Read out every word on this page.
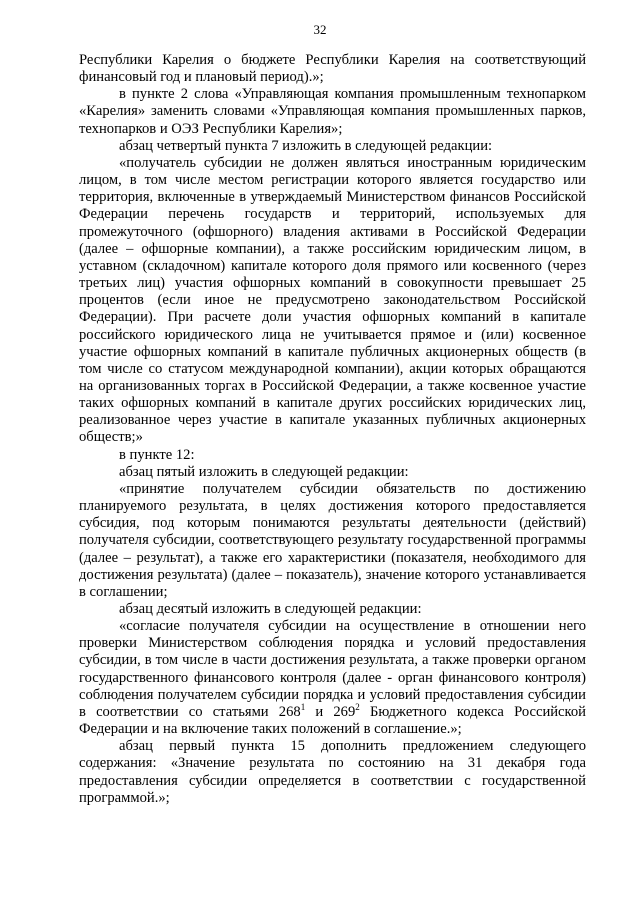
32

Республики Карелия о бюджете Республики Карелия на соответствующий финансовый год и плановый период).»;

в пункте 2 слова «Управляющая компания промышленным технопарком «Карелия» заменить словами «Управляющая компания промышленных парков, технопарков и ОЭЗ Республики Карелия»;

абзац четвертый пункта 7 изложить в следующей редакции:

«получатель субсидии не должен являться иностранным юридическим лицом, в том числе местом регистрации которого является государство или территория, включенные в утверждаемый Министерством финансов Российской Федерации перечень государств и территорий, используемых для промежуточного (офшорного) владения активами в Российской Федерации (далее – офшорные компании), а также российским юридическим лицом, в уставном (складочном) капитале которого доля прямого или косвенного (через третьих лиц) участия офшорных компаний в совокупности превышает 25 процентов (если иное не предусмотрено законодательством Российской Федерации). При расчете доли участия офшорных компаний в капитале российского юридического лица не учитывается прямое и (или) косвенное участие офшорных компаний в капитале публичных акционерных обществ (в том числе со статусом международной компании), акции которых обращаются на организованных торгах в Российской Федерации, а также косвенное участие таких офшорных компаний в капитале других российских юридических лиц, реализованное через участие в капитале указанных публичных акционерных обществ;»

в пункте 12:

абзац пятый изложить в следующей редакции:

«принятие получателем субсидии обязательств по достижению планируемого результата, в целях достижения которого предоставляется субсидия, под которым понимаются результаты деятельности (действий) получателя субсидии, соответствующего результату государственной программы (далее – результат), а также его характеристики (показателя, необходимого для достижения результата) (далее – показатель), значение которого устанавливается в соглашении;

абзац десятый изложить в следующей редакции:

«согласие получателя субсидии на осуществление в отношении него проверки Министерством соблюдения порядка и условий предоставления субсидии, в том числе в части достижения результата, а также проверки органом государственного финансового контроля (далее - орган финансового контроля) соблюдения получателем субсидии порядка и условий предоставления субсидии в соответствии со статьями $268^1$ и $269^2$ Бюджетного кодекса Российской Федерации и на включение таких положений в соглашение.»;

абзац первый пункта 15 дополнить предложением следующего содержания: «Значение результата по состоянию на 31 декабря года предоставления субсидии определяется в соответствии с государственной программой.»;
